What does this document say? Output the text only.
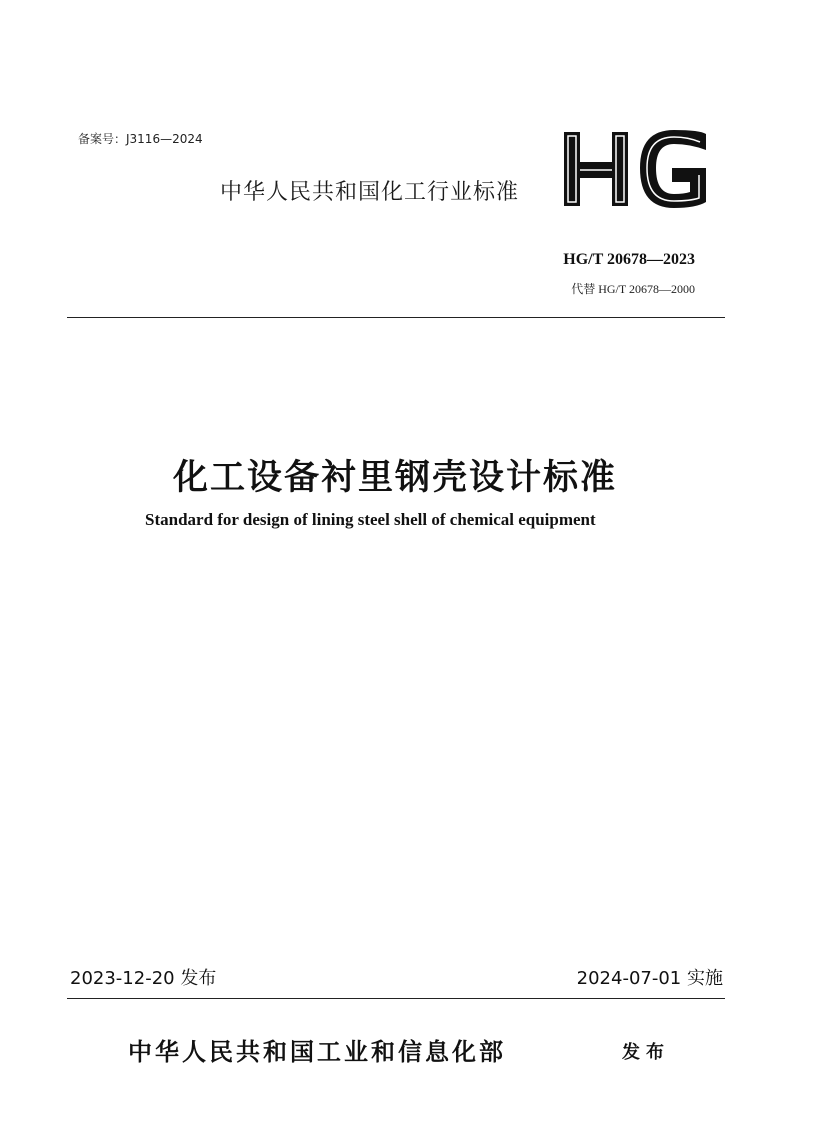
备案号：J3116—2024
中华人民共和国化工行业标准
HG/T 20678—2023
代替 HG/T 20678—2000
化工设备衬里钢壳设计标准
Standard for design of lining steel shell of chemical equipment
2023-12-20 发布	2024-07-01 实施
中华人民共和国工业和信息化部	发布
